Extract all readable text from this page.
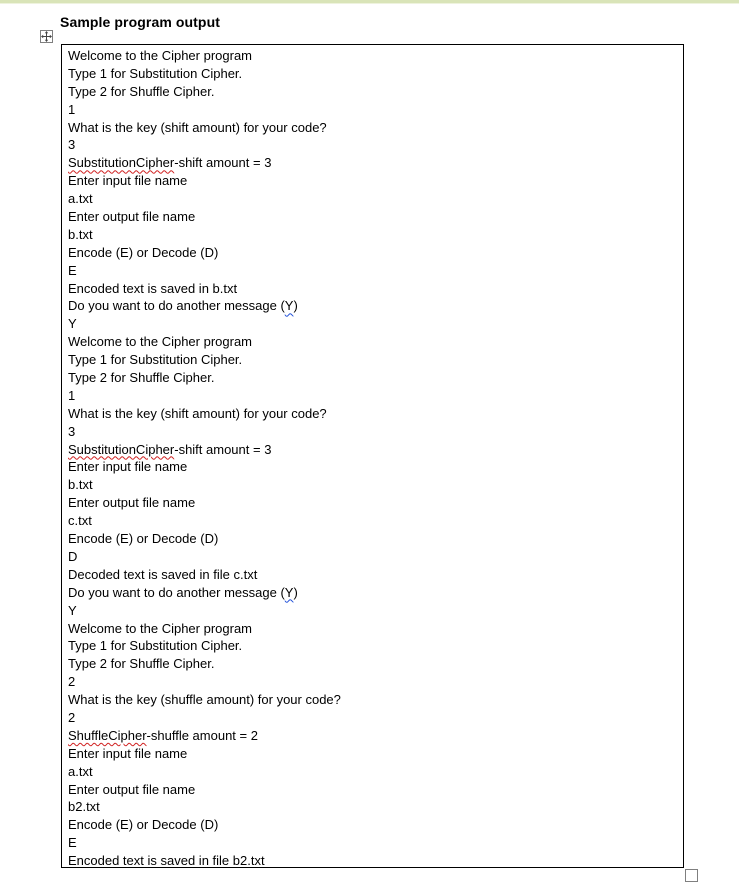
Sample program output
Welcome to the Cipher program
Type 1 for Substitution Cipher.
Type 2 for Shuffle Cipher.
1
What is the key (shift amount) for your code?
3
SubstitutionCipher-shift amount = 3
Enter input file name
a.txt
Enter output file name
b.txt
Encode (E) or Decode (D)
E
Encoded text is saved in b.txt
Do you want to do another message (Y)
Y
Welcome to the Cipher program
Type 1 for Substitution Cipher.
Type 2 for Shuffle Cipher.
1
What is the key (shift amount) for your code?
3
SubstitutionCipher-shift amount = 3
Enter input file name
b.txt
Enter output file name
c.txt
Encode (E) or Decode (D)
D
Decoded text is saved in file c.txt
Do you want to do another message (Y)
Y
Welcome to the Cipher program
Type 1 for Substitution Cipher.
Type 2 for Shuffle Cipher.
2
What is the key (shuffle amount) for your code?
2
ShuffleCipher-shuffle amount = 2
Enter input file name
a.txt
Enter output file name
b2.txt
Encode (E) or Decode (D)
E
Encoded text is saved in file b2.txt
